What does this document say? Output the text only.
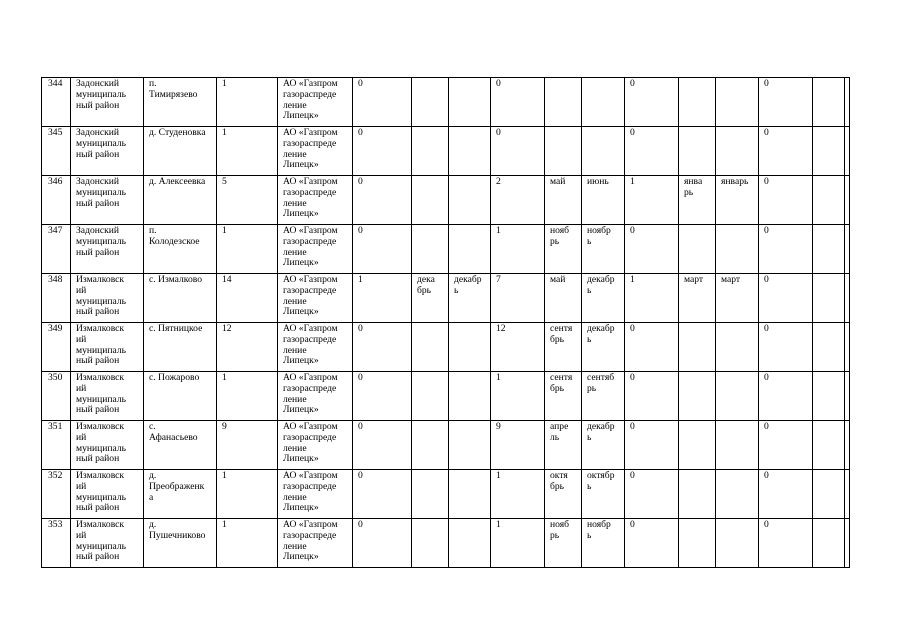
344	Задонский
муниципаль
ный район	п.
Тимирязево	1	АО «Газпром
газораспреде
ление
Липецк»	0			0			0			0		
345	Задонский
муниципаль
ный район	д. Студеновка	1	АО «Газпром
газораспреде
ление
Липецк»	0			0			0			0		
346	Задонский
муниципаль
ный район	д. Алексеевка	5	АО «Газпром
газораспреде
ление
Липецк»	0			2	май	июнь	1	янва
рь	январь	0		
347	Задонский
муниципаль
ный район	п.
Колодезское	1	АО «Газпром
газораспреде
ление
Липецк»	0			1	нояб
рь	ноябр
ь	0			0		
348	Измалковск
ий
муниципаль
ный район	с. Измалково	14	АО «Газпром
газораспреде
ление
Липецк»	1	дека
брь	декабр
ь	7	май	декабр
ь	1	март	март	0		
349	Измалковск
ий
муниципаль
ный район	с. Пятницкое	12	АО «Газпром
газораспреде
ление
Липецк»	0			12	сентя
брь	декабр
ь	0			0		
350	Измалковск
ий
муниципаль
ный район	с. Пожарово	1	АО «Газпром
газораспреде
ление
Липецк»	0			1	сентя
брь	сентяб
рь	0			0		
351	Измалковск
ий
муниципаль
ный район	с.
Афанасьево	9	АО «Газпром
газораспреде
ление
Липецк»	0			9	апре
ль	декабр
ь	0			0		
352	Измалковск
ий
муниципаль
ный район	д.
Преображенк
а	1	АО «Газпром
газораспреде
ление
Липецк»	0			1	октя
брь	октябр
ь	0			0		
353	Измалковск
ий
муниципаль
ный район	д.
Пушечниково	1	АО «Газпром
газораспреде
ление
Липецк»	0			1	нояб
рь	ноябр
ь	0			0		
